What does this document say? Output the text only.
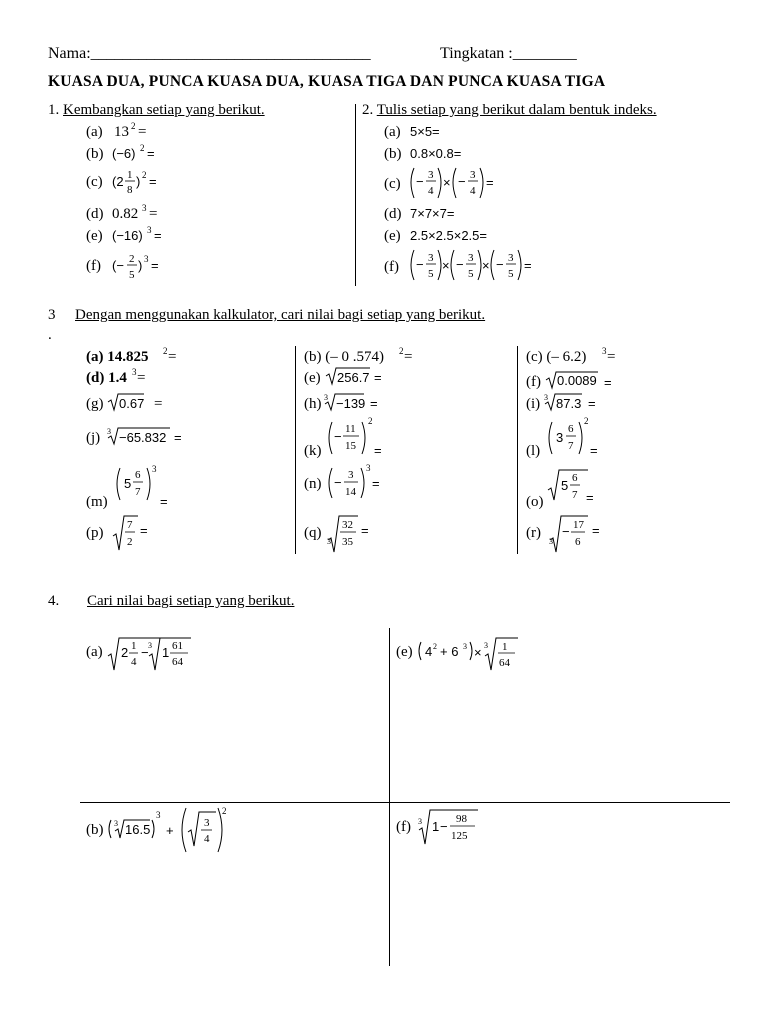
Nama:___________________________________	Tingkatan :________
KUASA DUA, PUNCA KUASA DUA, KUASA TIGA DAN PUNCA KUASA TIGA
1. Kembangkan setiap yang berikut.
(a) 13 2 =
(b) (−6) 2 =
(c) (2 1
8
) 2 =
(d) 0.82 3 =
(e) (−16) 3 =
(f) (− 2
5
) 3 =
2. Tulis setiap yang berikut dalam bentuk indeks.
(a) 5×5=
(b) 0.8×0.8=
(c) − 3
4
× − 3
4
=
(d) 7×7×7=
(e) 2.5×2.5×2.5=
(f) − 3
5
× − 3
5
× − 3
5
=
3
.
Dengan menggunakan kalkulator, cari nilai bagi setiap yang berikut.
(a) 14.825 2 =	(b) (– 0 .574) 2 =	(c) (– 6.2) 3 =
(d) 1.4 3 =	(e) 256.7 =	(f) 0.0089 =
(g) 0.67 =	(h) 3 −139 =	(i) 3 87.3 =
(j) 3 −65.832 =
(k)
− 11
15
2
=	(l)
3
6
7
2
=
(m)
5
6
7
3
=
(n) − 3
14
3
=
(o)
5 6
7 =
(p) 7
2
=	(q)
3
32
35
=	(r)
3
− 17
6
=
4. Cari nilai bagi setiap yang berikut.
(a) 2 1
4
− 3 1 61
64
(e) 4 2 + 6 3 × 3 1
64
(b) 3 16.5
3
+	3
4
2
(f) 3 1 − 98
125
